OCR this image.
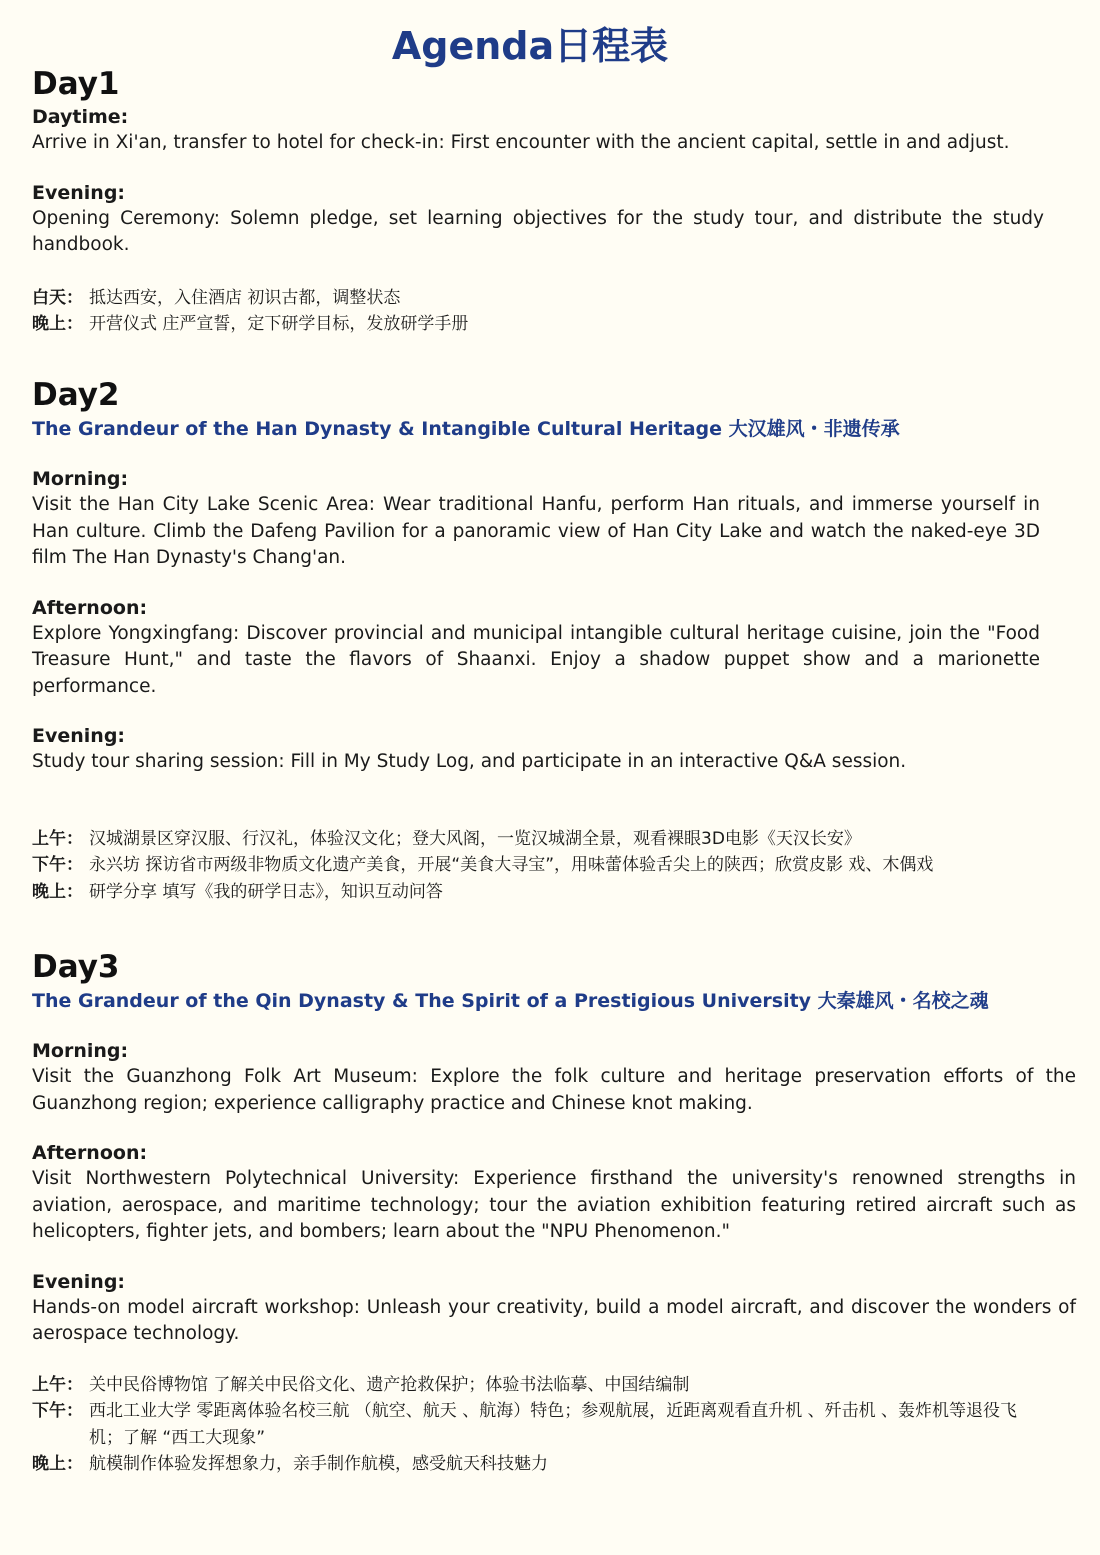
Agenda日程表
Day1
Daytime:
Arrive in Xi'an, transfer to hotel for check-in: First encounter with the ancient capital, settle in and adjust.
Evening:
Opening Ceremony: Solemn pledge, set learning objectives for the study tour, and distribute the study handbook.
白天： 抵达西安，入住酒店 初识古都，调整状态
晚上： 开营仪式 庄严宣誓，定下研学目标，发放研学手册
Day2
The Grandeur of the Han Dynasty & Intangible Cultural Heritage 大汉雄风・非遗传承
Morning:
Visit the Han City Lake Scenic Area: Wear traditional Hanfu, perform Han rituals, and immerse yourself in Han culture. Climb the Dafeng Pavilion for a panoramic view of Han City Lake and watch the naked-eye 3D film The Han Dynasty's Chang'an.
Afternoon:
Explore Yongxingfang: Discover provincial and municipal intangible cultural heritage cuisine, join the "Food Treasure Hunt," and taste the flavors of Shaanxi. Enjoy a shadow puppet show and a marionette performance.
Evening:
Study tour sharing session: Fill in My Study Log, and participate in an interactive Q&A session.
上午： 汉城湖景区穿汉服、行汉礼，体验汉文化；登大风阁，一览汉城湖全景，观看裸眼3D电影《天汉长安》
下午： 永兴坊 探访省市两级非物质文化遗产美食，开展“美食大寻宝”，用味蕾体验舌尖上的陕西；欣赏皮影 戏、木偶戏
晚上： 研学分享 填写《我的研学日志》，知识互动问答
Day3
The Grandeur of the Qin Dynasty & The Spirit of a Prestigious University 大秦雄风・名校之魂
Morning:
Visit the Guanzhong Folk Art Museum: Explore the folk culture and heritage preservation efforts of the Guanzhong region; experience calligraphy practice and Chinese knot making.
Afternoon:
Visit Northwestern Polytechnical University: Experience firsthand the university's renowned strengths in aviation, aerospace, and maritime technology; tour the aviation exhibition featuring retired aircraft such as helicopters, fighter jets, and bombers; learn about the "NPU Phenomenon."
Evening:
Hands-on model aircraft workshop: Unleash your creativity, build a model aircraft, and discover the wonders of aerospace technology.
上午： 关中民俗博物馆 了解关中民俗文化、遗产抢救保护；体验书法临摹、中国结编制
下午： 西北工业大学 零距离体验名校三航 （航空、航天 、航海）特色；参观航展，近距离观看直升机 、歼击机 、轰炸机等退役飞机；了解 “西工大现象”
晚上： 航模制作体验发挥想象力，亲手制作航模，感受航天科技魅力
